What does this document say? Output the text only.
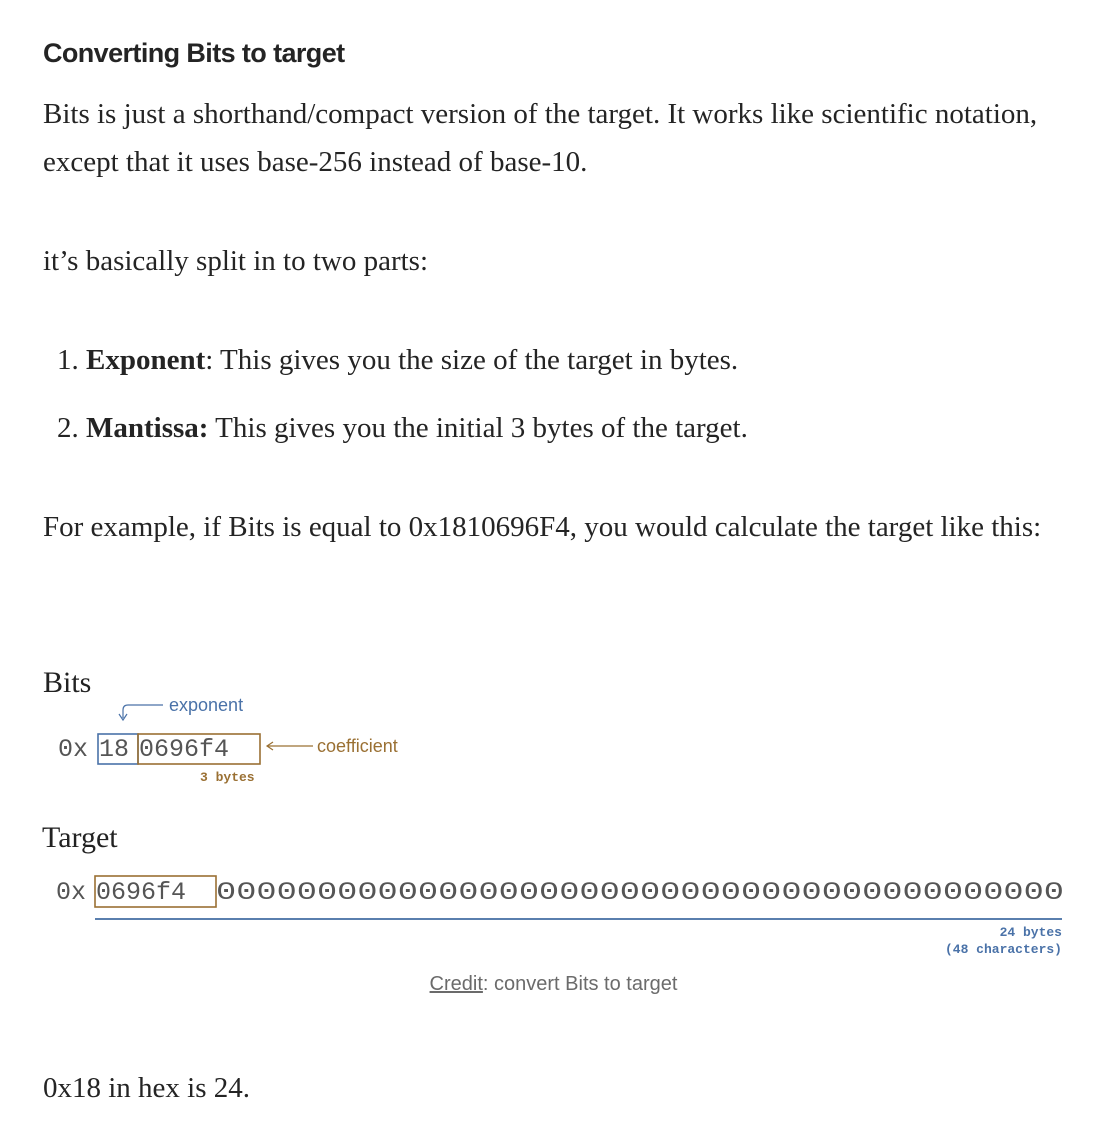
Converting Bits to target
Bits is just a shorthand/compact version of the target. It works like scientific notation, except that it uses base-256 instead of base-10.
it’s basically split in to two parts:
1. Exponent: This gives you the size of the target in bytes.
2. Mantissa: This gives you the initial 3 bytes of the target.
For example, if Bits is equal to 0x1810696F4, you would calculate the target like this:
Bits
exponent
0x 18 0696f4	coefficient
3 bytes
Target
0x 0696f4 000000000000000000000000000000000000000000
24 bytes
(48 characters)
Credit: convert Bits to target
0x18 in hex is 24.
